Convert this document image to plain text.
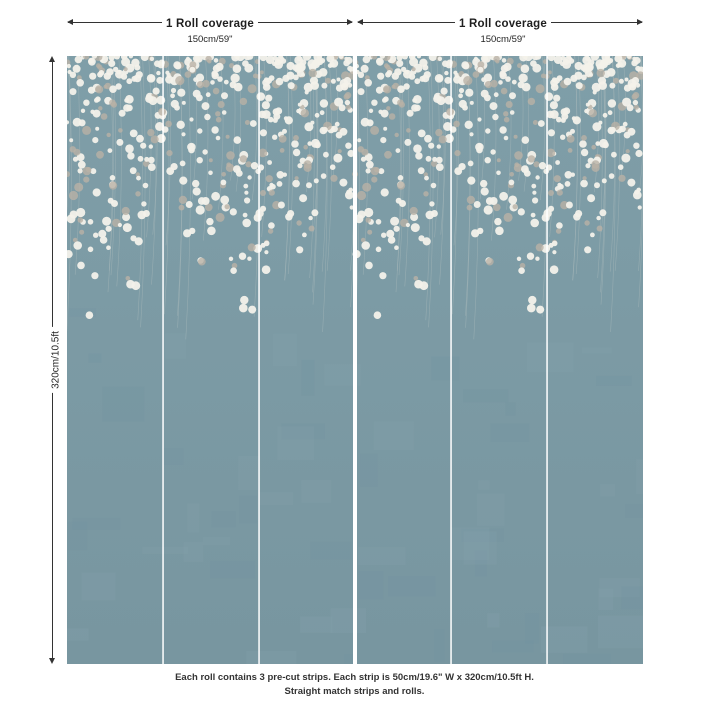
1 Roll coverage
150cm/59"
1 Roll coverage
150cm/59"
320cm/10.5ft
Each roll contains 3 pre-cut strips. Each strip is 50cm/19.6" W x 320cm/10.5ft H.
Straight match strips and rolls.
